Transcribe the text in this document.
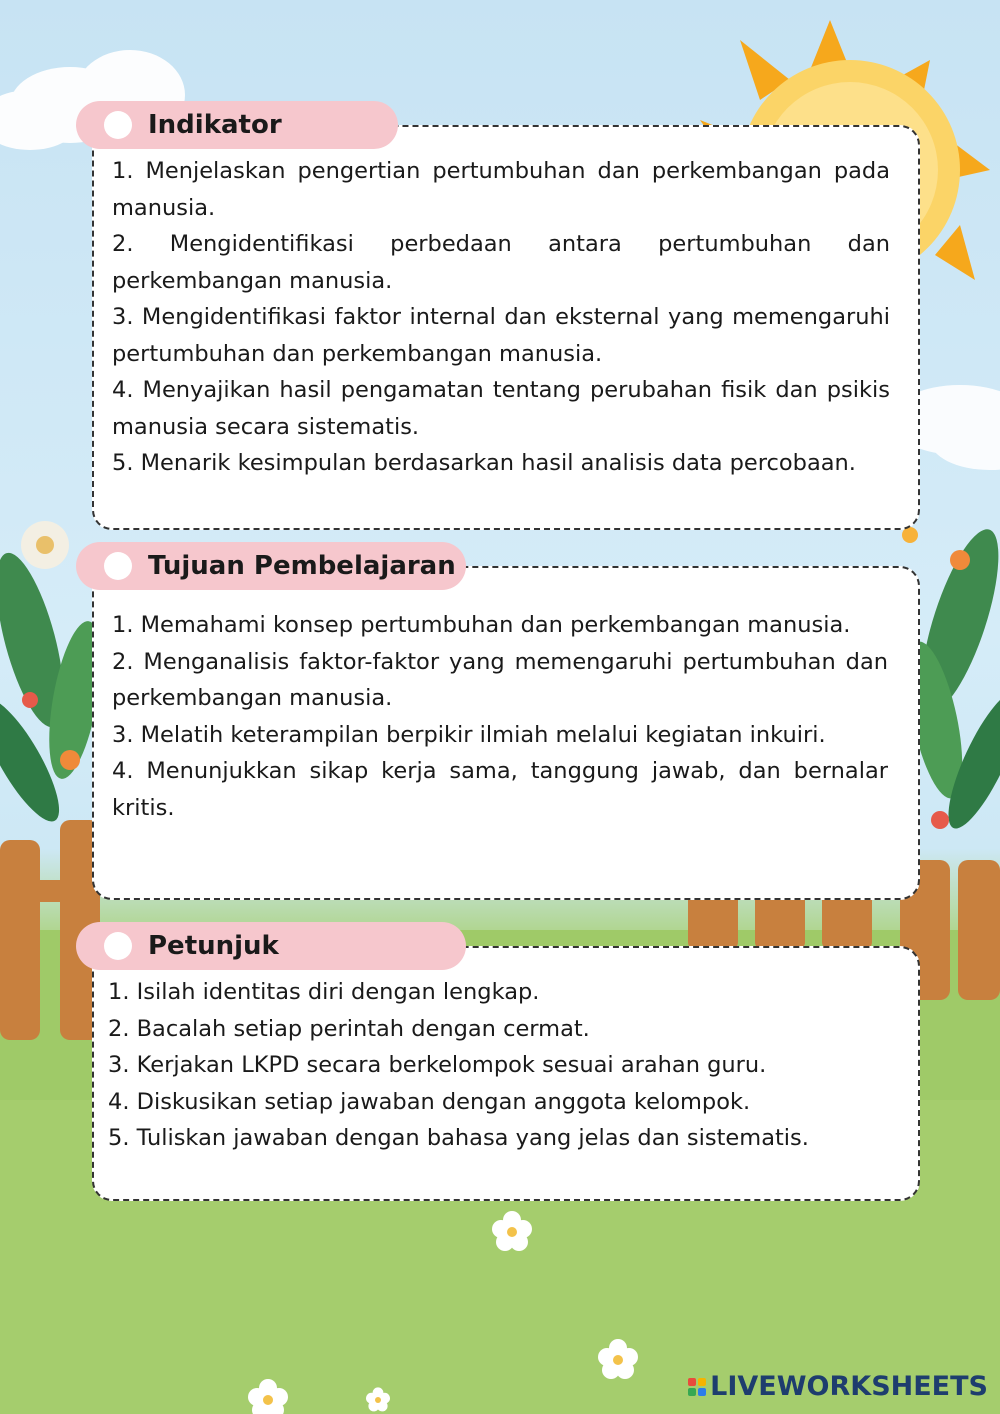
1. Menjelaskan pengertian pertumbuhan dan perkembangan pada manusia.
2. Mengidentifikasi perbedaan antara pertumbuhan dan perkembangan manusia.
3. Mengidentifikasi faktor internal dan eksternal yang memengaruhi pertumbuhan dan perkembangan manusia.
4. Menyajikan hasil pengamatan tentang perubahan fisik dan psikis manusia secara sistematis.
5. Menarik kesimpulan berdasarkan hasil analisis data percobaan.
Indikator
1. Memahami konsep pertumbuhan dan perkembangan manusia.
2. Menganalisis faktor-faktor yang memengaruhi pertumbuhan dan perkembangan manusia.
3. Melatih keterampilan berpikir ilmiah melalui kegiatan inkuiri.
4. Menunjukkan sikap kerja sama, tanggung jawab, dan bernalar kritis.
Tujuan Pembelajaran
1. Isilah identitas diri dengan lengkap.
2. Bacalah setiap perintah dengan cermat.
3. Kerjakan LKPD secara berkelompok sesuai arahan guru.
4. Diskusikan setiap jawaban dengan anggota kelompok.
5. Tuliskan jawaban dengan bahasa yang jelas dan sistematis.
Petunjuk
LIVEWORKSHEETS
